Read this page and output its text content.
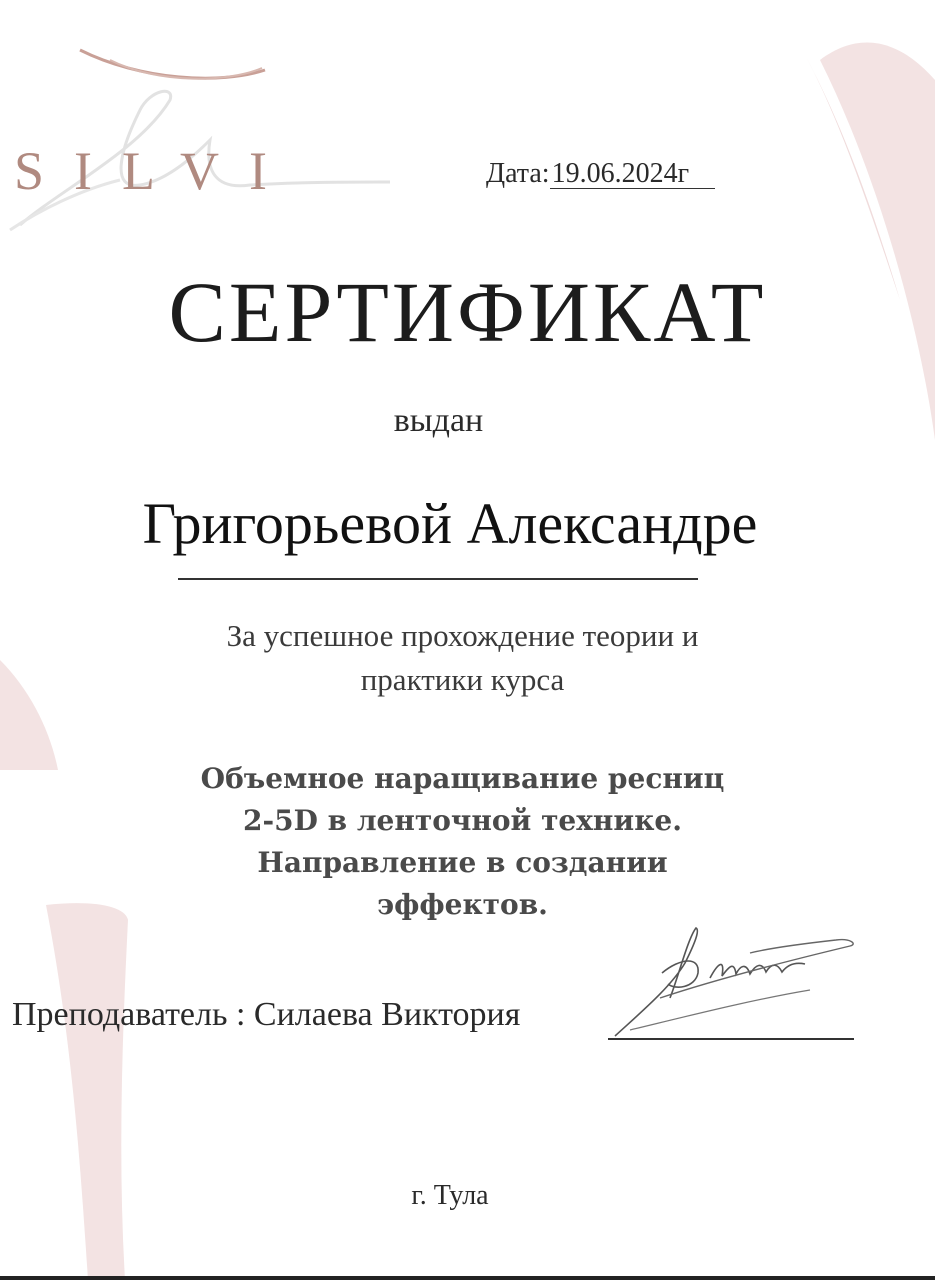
SILVI	Дата:19.06.2024г
СЕРТИФИКАТ
выдан
Григорьевой Александре
За успешное прохождение теории и
практики курса
Объемное наращивание ресниц
2-5D в ленточной технике.
Направление в создании
эффектов.
Преподаватель : Силаева Виктория
г. Тула
